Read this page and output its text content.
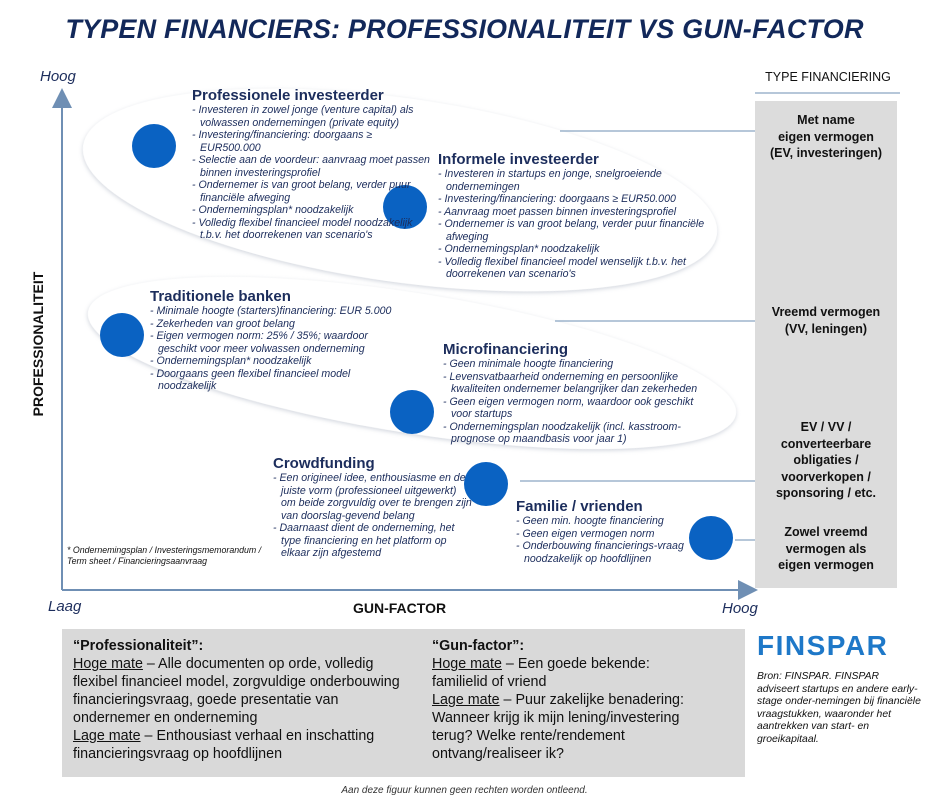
TYPEN FINANCIERS: PROFESSIONALITEIT VS GUN-FACTOR
Hoog
Laag	Hoog
GUN-FACTOR
PROFESSIONALITEIT
TYPE FINANCIERING
Met name
eigen vermogen
(EV, investeringen)
Vreemd vermogen
(VV, leningen)
EV / VV /
converteerbare
obligaties /
voorverkopen /
sponsoring / etc.
Zowel vreemd
vermogen als
eigen vermogen
Professionele investeerder
- Investeren in zowel jonge (venture capital) als volwassen ondernemingen (private equity)
- Investering/financiering: doorgaans ≥ EUR500.000
- Selectie aan de voordeur: aanvraag moet passen binnen investeringsprofiel
- Ondernemer is van groot belang, verder puur financiële afweging
- Ondernemingsplan* noodzakelijk
- Volledig flexibel financieel model noodzakelijk t.b.v. het doorrekenen van scenario's
Informele investeerder
- Investeren in startups en jonge, snelgroeiende ondernemingen
- Investering/financiering: doorgaans ≥ EUR50.000
- Aanvraag moet passen binnen investeringsprofiel
- Ondernemer is van groot belang, verder puur financiële afweging
- Ondernemingsplan* noodzakelijk
- Volledig flexibel financieel model wenselijk t.b.v. het doorrekenen van scenario's
Traditionele banken
- Minimale hoogte (starters)financiering: EUR 5.000
- Zekerheden van groot belang
- Eigen vermogen norm: 25% / 35%; waardoor geschikt voor meer volwassen onderneming
- Ondernemingsplan* noodzakelijk
- Doorgaans geen flexibel financieel model noodzakelijk
Microfinanciering
- Geen minimale hoogte financiering
- Levensvatbaarheid onderneming en persoonlijke kwaliteiten ondernemer belangrijker dan zekerheden
- Geen eigen vermogen norm, waardoor ook geschikt voor startups
- Ondernemingsplan noodzakelijk (incl. kasstroom-prognose op maandbasis voor jaar 1)
Crowdfunding
- Een origineel idee, enthousiasme en de juiste vorm (professioneel uitgewerkt) om beide zorgvuldig over te brengen zijn van doorslag-gevend belang
- Daarnaast dient de onderneming, het type financiering en het platform op elkaar zijn afgestemd
Familie / vrienden
- Geen min. hoogte financiering
- Geen eigen vermogen norm
- Onderbouwing financierings-vraag noodzakelijk op hoofdlijnen
* Ondernemingsplan / Investeringsmemorandum / Term sheet / Financieringsaanvraag
“Professionaliteit”:
Hoge mate – Alle documenten op orde, volledig flexibel financieel model, zorgvuldige onderbouwing financieringsvraag, goede presentatie van ondernemer en onderneming
Lage mate – Enthousiast verhaal en inschatting financieringsvraag op hoofdlijnen
“Gun-factor”:
Hoge mate – Een goede bekende: familielid of vriend
Lage mate – Puur zakelijke benadering: Wanneer krijg ik mijn lening/investering terug? Welke rente/rendement ontvang/realiseer ik?
FINSPAR
Bron: FINSPAR. FINSPAR adviseert startups en andere early-stage onder-nemingen bij financiële vraagstukken, waaronder het aantrekken van start- en groeikapitaal.
Aan deze figuur kunnen geen rechten worden ontleend.
